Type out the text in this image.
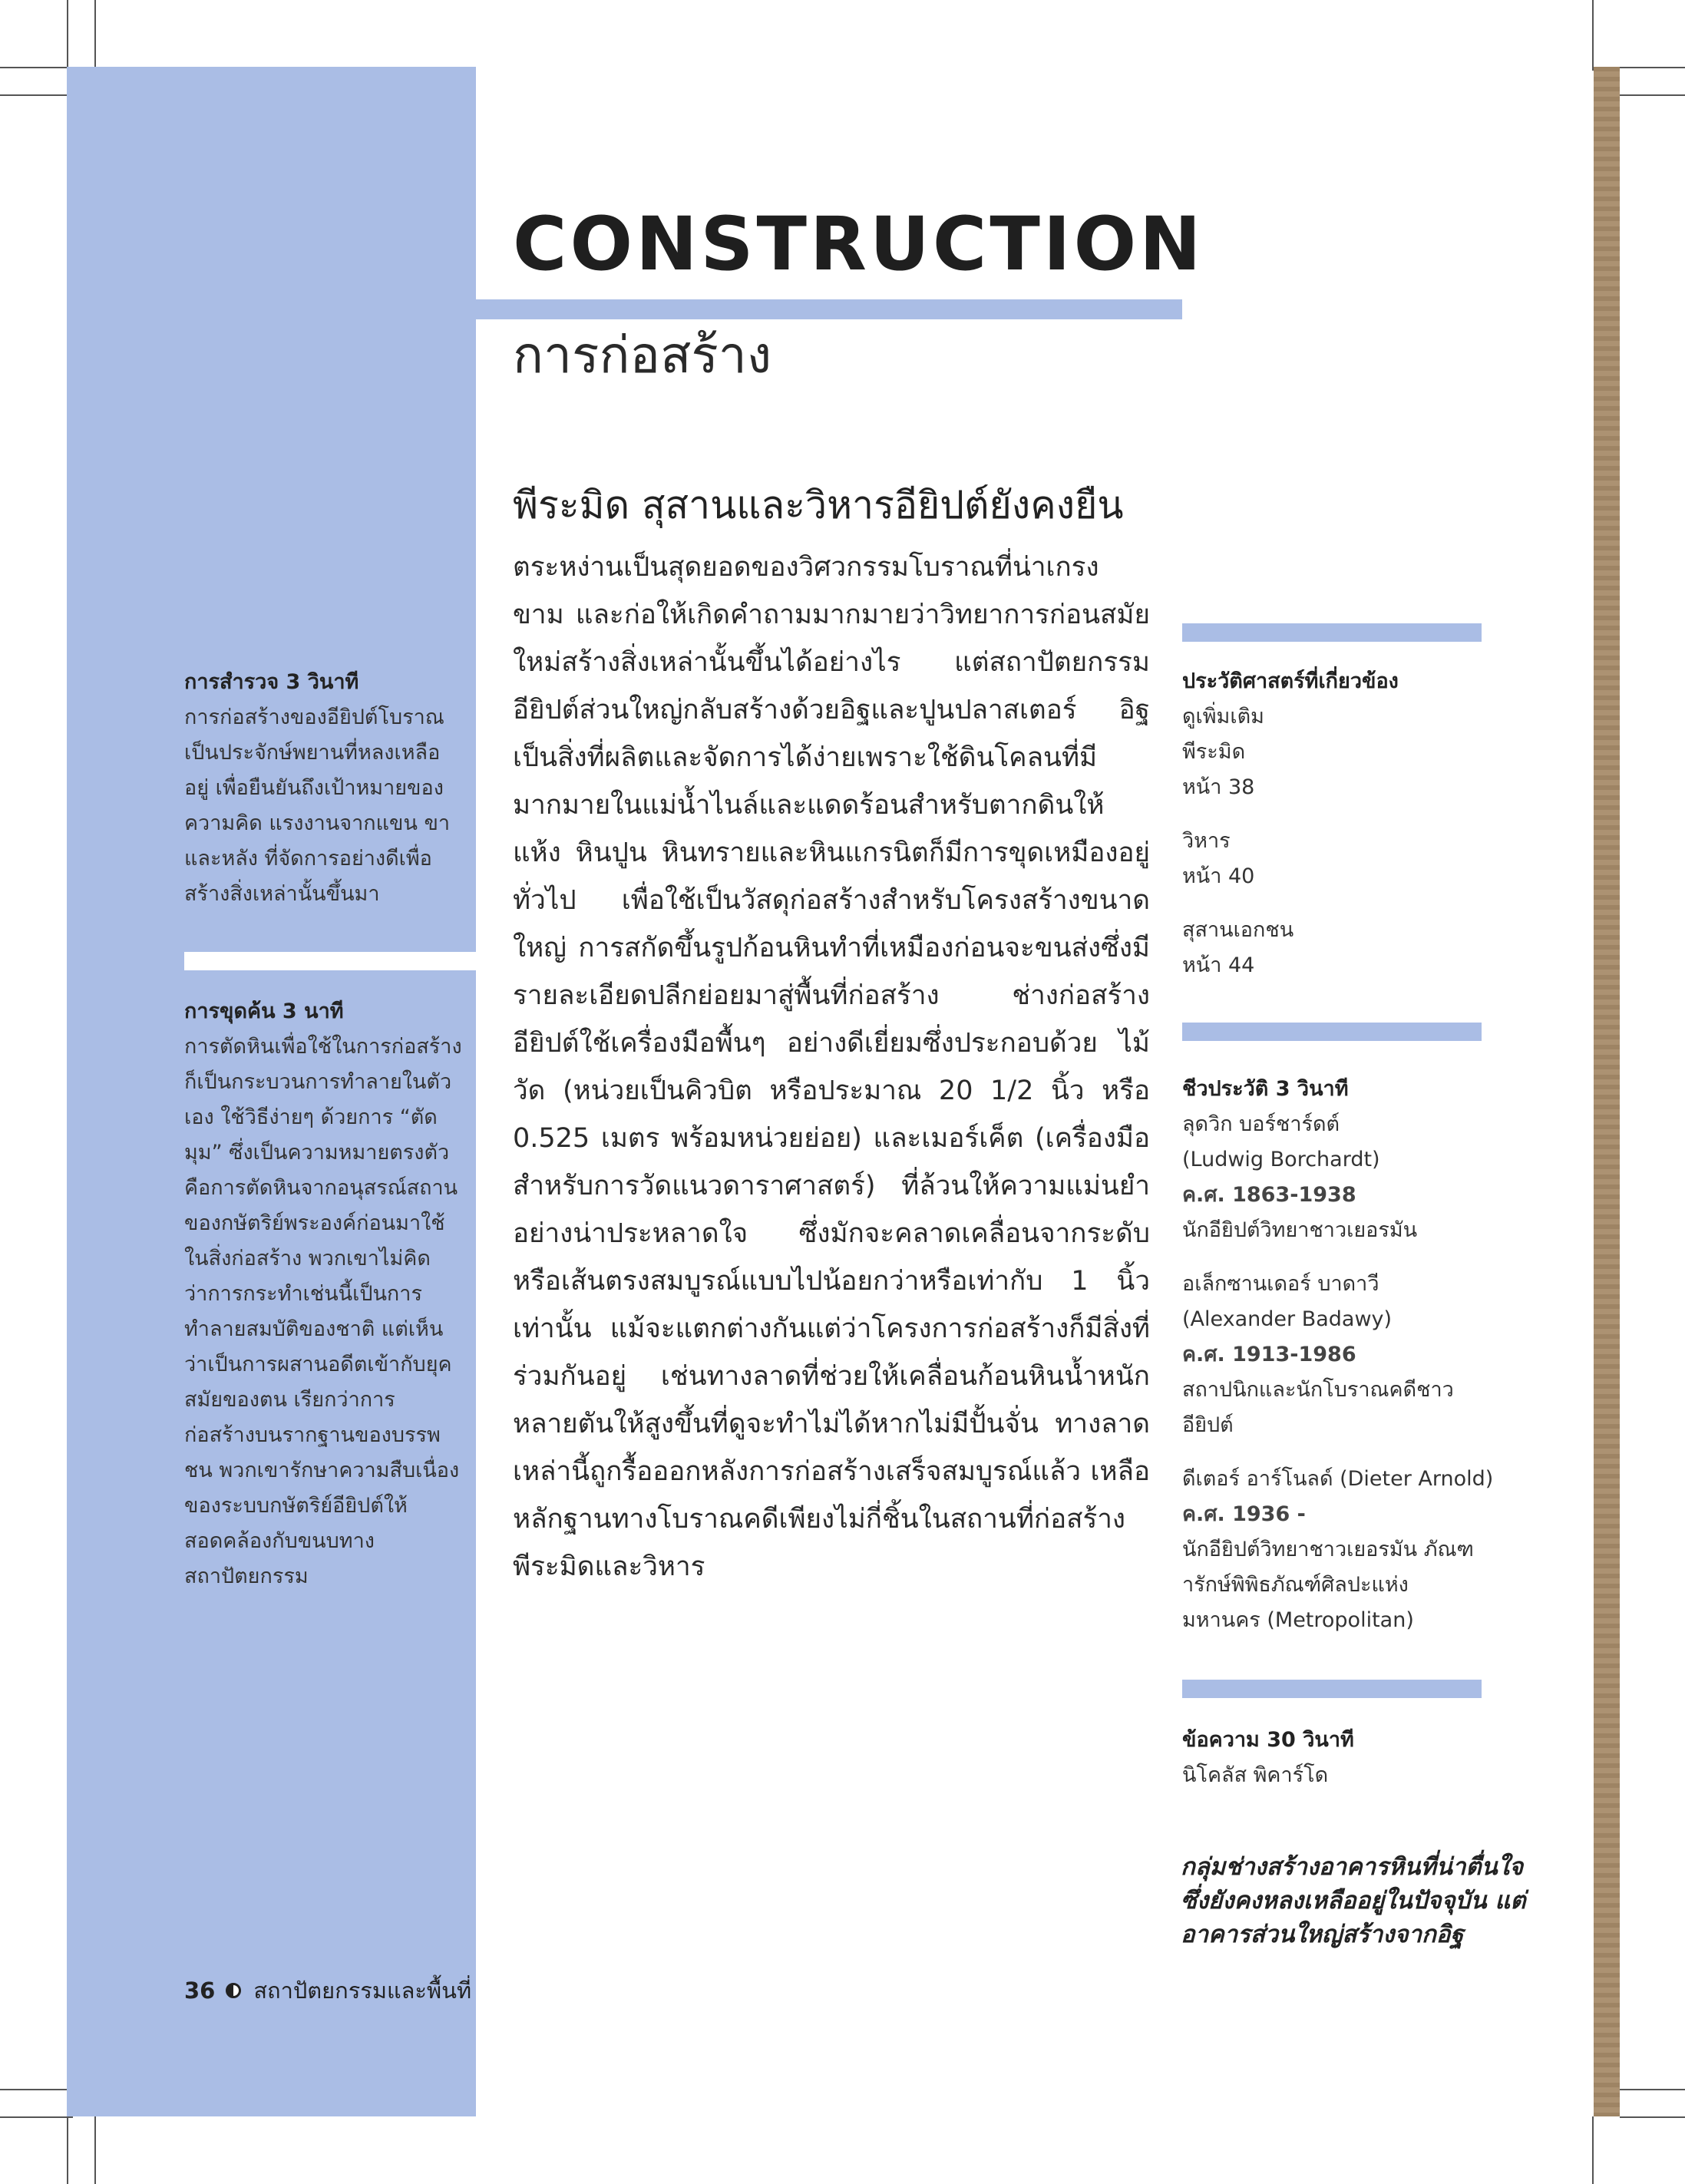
CONSTRUCTION
การก่อสร้าง
พีระมิด สุสานและวิหารอียิปต์ยังคงยืน
ตระหง่านเป็นสุดยอดของวิศวกรรมโบราณที่น่าเกรงขาม และก่อให้เกิดคำถามมากมายว่าวิทยาการก่อนสมัยใหม่สร้างสิ่งเหล่านั้นขึ้นได้อย่างไร แต่สถาปัตยกรรมอียิปต์ส่วนใหญ่กลับสร้างด้วยอิฐและปูนปลาสเตอร์ อิฐเป็นสิ่งที่ผลิตและจัดการได้ง่ายเพราะใช้ดินโคลนที่มีมากมายในแม่น้ำไนล์และแดดร้อนสำหรับตากดินให้แห้ง หินปูน หินทรายและหินแกรนิตก็มีการขุดเหมืองอยู่ทั่วไป เพื่อใช้เป็นวัสดุก่อสร้างสำหรับโครงสร้างขนาดใหญ่ การสกัดขึ้นรูปก้อนหินทำที่เหมืองก่อนจะขนส่งซึ่งมีรายละเอียดปลีกย่อยมาสู่พื้นที่ก่อสร้าง ช่างก่อสร้างอียิปต์ใช้เครื่องมือพื้นๆ อย่างดีเยี่ยมซึ่งประกอบด้วย ไม้วัด (หน่วยเป็นคิวบิต หรือประมาณ 20 1/2 นิ้ว หรือ 0.525 เมตร พร้อมหน่วยย่อย) และเมอร์เค็ต (เครื่องมือสำหรับการวัดแนวดาราศาสตร์) ที่ล้วนให้ความแม่นยำอย่างน่าประหลาดใจ ซึ่งมักจะคลาดเคลื่อนจากระดับหรือเส้นตรงสมบูรณ์แบบไปน้อยกว่าหรือเท่ากับ 1 นิ้วเท่านั้น แม้จะแตกต่างกันแต่ว่าโครงการก่อสร้างก็มีสิ่งที่ร่วมกันอยู่ เช่นทางลาดที่ช่วยให้เคลื่อนก้อนหินน้ำหนักหลายตันให้สูงขึ้นที่ดูจะทำไม่ได้หากไม่มีปั้นจั่น ทางลาดเหล่านี้ถูกรื้อออกหลังการก่อสร้างเสร็จสมบูรณ์แล้ว เหลือหลักฐานทางโบราณคดีเพียงไม่กี่ชิ้นในสถานที่ก่อสร้างพีระมิดและวิหาร
การสำรวจ 3 วินาที
การก่อสร้างของอียิปต์โบราณเป็นประจักษ์พยานที่หลงเหลืออยู่ เพื่อยืนยันถึงเป้าหมายของความคิด แรงงานจากแขน ขา และหลัง ที่จัดการอย่างดีเพื่อสร้างสิ่งเหล่านั้นขึ้นมา
การขุดค้น 3 นาที
การตัดหินเพื่อใช้ในการก่อสร้างก็เป็นกระบวนการทำลายในตัวเอง ใช้วิธีง่ายๆ ด้วยการ “ตัดมุม” ซึ่งเป็นความหมายตรงตัว คือการตัดหินจากอนุสรณ์สถานของกษัตริย์พระองค์ก่อนมาใช้ในสิ่งก่อสร้าง พวกเขาไม่คิดว่าการกระทำเช่นนี้เป็นการทำลายสมบัติของชาติ แต่เห็นว่าเป็นการผสานอดีตเข้ากับยุคสมัยของตน เรียกว่าการก่อสร้างบนรากฐานของบรรพชน พวกเขารักษาความสืบเนื่องของระบบกษัตริย์อียิปต์ให้สอดคล้องกับขนบทางสถาปัตยกรรม
ประวัติศาสตร์ที่เกี่ยวข้อง
ดูเพิ่มเติม
พีระมิด
หน้า 38
วิหาร
หน้า 40
สุสานเอกชน
หน้า 44
ชีวประวัติ 3 วินาที
ลุดวิก บอร์ชาร์ดต์
(Ludwig Borchardt)
ค.ศ. 1863-1938
นักอียิปต์วิทยาชาวเยอรมัน
อเล็กซานเดอร์ บาดาวี
(Alexander Badawy)
ค.ศ. 1913-1986
สถาปนิกและนักโบราณคดีชาวอียิปต์
ดีเตอร์ อาร์โนลด์ (Dieter Arnold)
ค.ศ. 1936 -
นักอียิปต์วิทยาชาวเยอรมัน ภัณฑารักษ์พิพิธภัณฑ์ศิลปะแห่งมหานคร (Metropolitan)
ข้อความ 30 วินาที
นิโคลัส พิคาร์โด
กลุ่มช่างสร้างอาคารหินที่น่าตื่นใจ ซึ่งยังคงหลงเหลืออยู่ในปัจจุบัน แต่อาคารส่วนใหญ่สร้างจากอิฐ
36 สถาปัตยกรรมและพื้นที่
